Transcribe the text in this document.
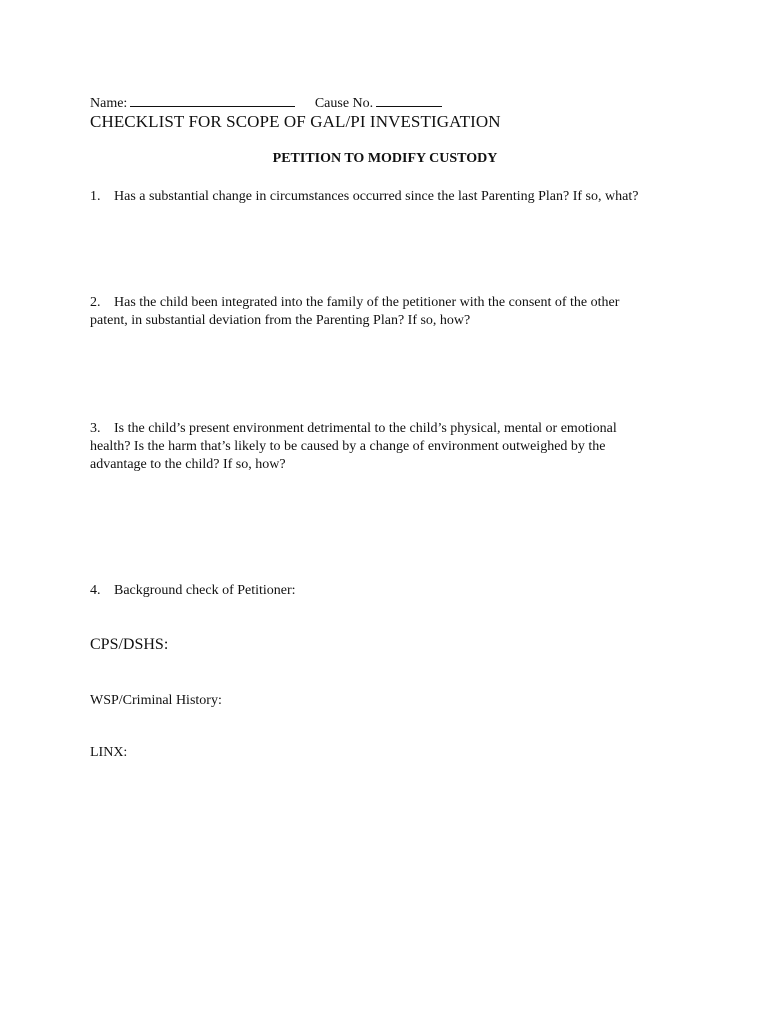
Name:	Cause No.
CHECKLIST FOR SCOPE OF GAL/PI INVESTIGATION
PETITION TO MODIFY CUSTODY
1. Has a substantial change in circumstances occurred since the last Parenting Plan? If so, what?
2. Has the child been integrated into the family of the petitioner with the consent of the other
patent, in substantial deviation from the Parenting Plan? If so, how?
3. Is the child’s present environment detrimental to the child’s physical, mental or emotional
health? Is the harm that’s likely to be caused by a change of environment outweighed by the
advantage to the child? If so, how?
4. Background check of Petitioner:
CPS/DSHS:
WSP/Criminal History:
LINX:
